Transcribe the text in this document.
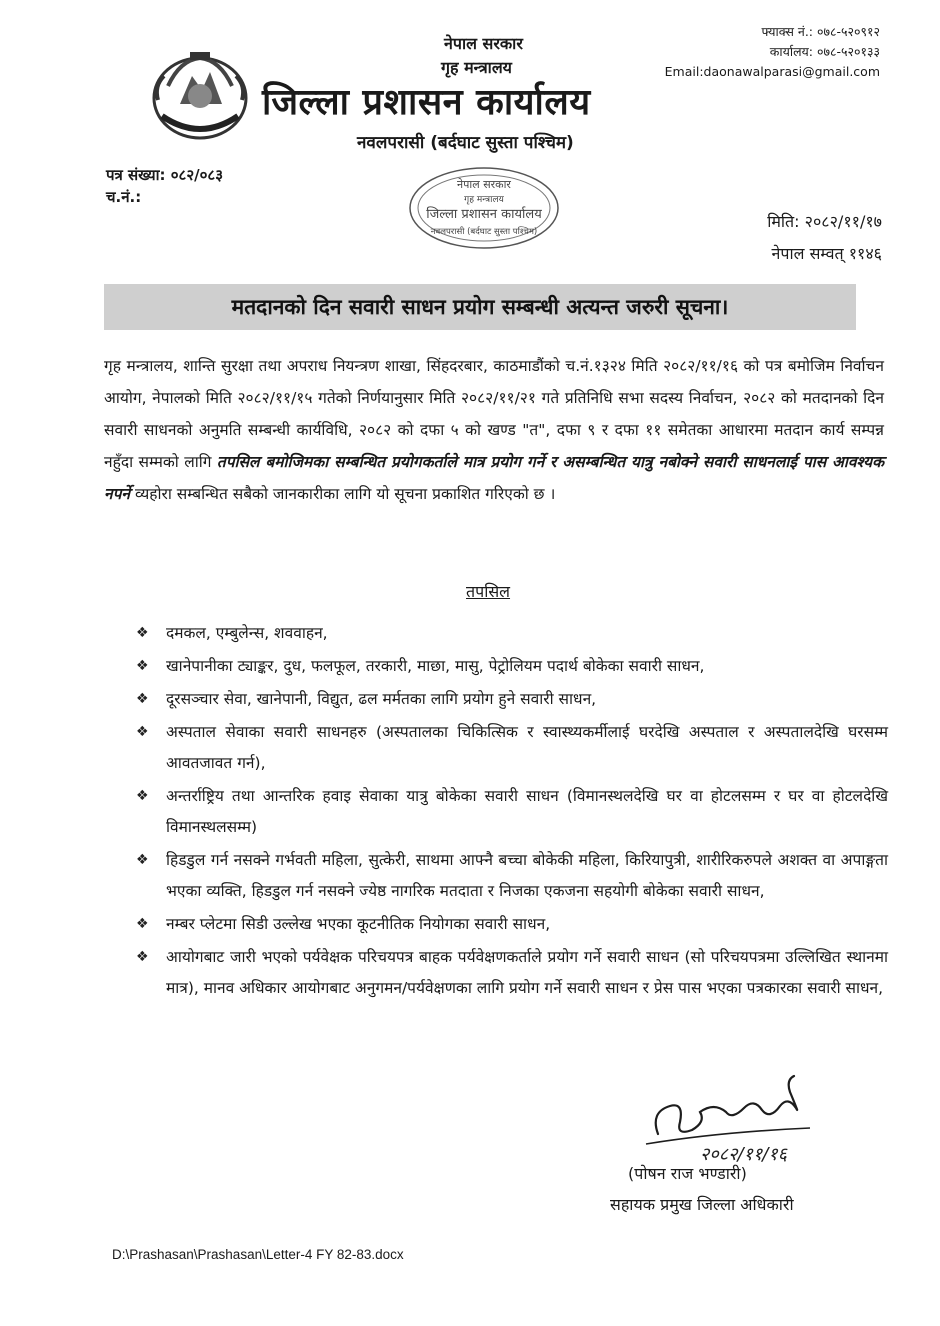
नेपाल सरकार
गृह मन्त्रालय
जिल्ला प्रशासन कार्यालय
नवलपरासी (बर्दघाट सुस्ता पश्चिम)
फ्याक्स नं.: ०७८-५२०९१२
कार्यालय: ०७८-५२०१३३
Email:daonawalparasi@gmail.com
पत्र संख्या: ०८२/०८३
च.नं.:
नेपाल सरकार
गृह मन्त्रालय
जिल्ला प्रशासन कार्यालय
नवलपरासी (बर्दघाट सुस्ता पश्चिम)
मिति: २०८२/११/१७
नेपाल सम्वत् ११४६
मतदानको दिन सवारी साधन प्रयोग सम्बन्धी अत्यन्त जरुरी सूचना।
गृह मन्त्रालय, शान्ति सुरक्षा तथा अपराध नियन्त्रण शाखा, सिंहदरबार, काठमाडौंको च.नं.१३२४ मिति २०८२/११/१६ को पत्र बमोजिम निर्वाचन आयोग, नेपालको मिति २०८२/११/१५ गतेको निर्णयानुसार मिति २०८२/११/२१ गते प्रतिनिधि सभा सदस्य निर्वाचन, २०८२ को मतदानको दिन सवारी साधनको अनुमति सम्बन्धी कार्यविधि, २०८२ को दफा ५ को खण्ड "त", दफा ९ र दफा ११ समेतका आधारमा मतदान कार्य सम्पन्न नहुँदा सम्मको लागि तपसिल बमोजिमका सम्बन्धित प्रयोगकर्ताले मात्र प्रयोग गर्ने र असम्बन्धित यात्रु नबोक्ने सवारी साधनलाई पास आवश्यक नपर्ने व्यहोरा सम्बन्धित सबैको जानकारीका लागि यो सूचना प्रकाशित गरिएको छ ।
तपसिल
❖ दमकल, एम्बुलेन्स, शववाहन,
❖ खानेपानीका ट्याङ्कर, दुध, फलफूल, तरकारी, माछा, मासु, पेट्रोलियम पदार्थ बोकेका सवारी साधन,
❖ दूरसञ्चार सेवा, खानेपानी, विद्युत, ढल मर्मतका लागि प्रयोग हुने सवारी साधन,
❖ अस्पताल सेवाका सवारी साधनहरु (अस्पतालका चिकित्सिक र स्वास्थ्यकर्मीलाई घरदेखि अस्पताल र अस्पतालदेखि घरसम्म आवतजावत गर्न),
❖ अन्तर्राष्ट्रिय तथा आन्तरिक हवाइ सेवाका यात्रु बोकेका सवारी साधन (विमानस्थलदेखि घर वा होटलसम्म र घर वा होटलदेखि विमानस्थलसम्म)
❖ हिडडुल गर्न नसक्ने गर्भवती महिला, सुत्केरी, साथमा आफ्नै बच्चा बोकेकी महिला, किरियापुत्री, शारीरिकरुपले अशक्त वा अपाङ्गता भएका व्यक्ति, हिडडुल गर्न नसक्ने ज्येष्ठ नागरिक मतदाता र निजका एकजना सहयोगी बोकेका सवारी साधन,
❖ नम्बर प्लेटमा सिडी उल्लेख भएका कूटनीतिक नियोगका सवारी साधन,
❖ आयोगबाट जारी भएको पर्यवेक्षक परिचयपत्र बाहक पर्यवेक्षणकर्ताले प्रयोग गर्ने सवारी साधन (सो परिचयपत्रमा उल्लिखित स्थानमा मात्र), मानव अधिकार आयोगबाट अनुगमन/पर्यवेक्षणका लागि प्रयोग गर्ने सवारी साधन र प्रेस पास भएका पत्रकारका सवारी साधन,
२०८२/११/१६
(पोषन राज भण्डारी)
सहायक प्रमुख जिल्ला अधिकारी
D:\Prashasan\Prashasan\Letter-4 FY 82-83.docx
